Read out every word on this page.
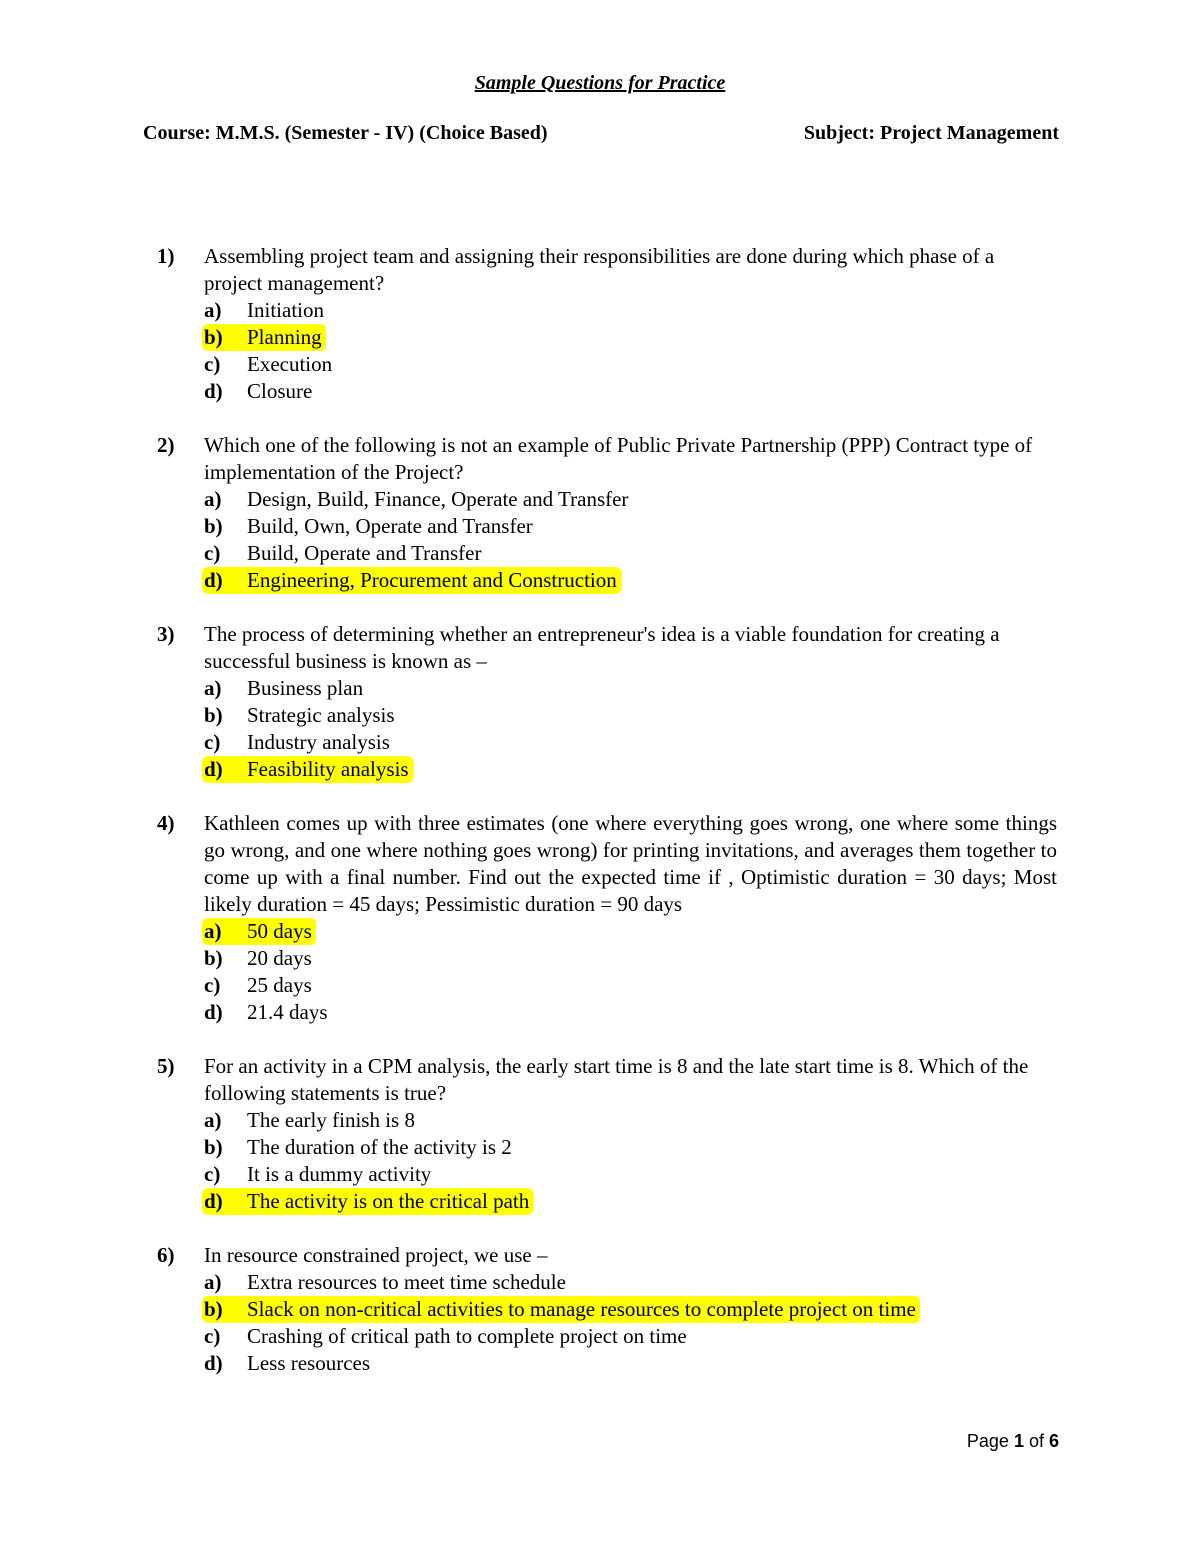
Sample Questions for Practice
Course: M.M.S. (Semester - IV) (Choice Based)	Subject: Project Management
1) Assembling project team and assigning their responsibilities are done during which phase of a project management?
a) Initiation
b) Planning
c) Execution
d) Closure
2) Which one of the following is not an example of Public Private Partnership (PPP) Contract type of implementation of the Project?
a) Design, Build, Finance, Operate and Transfer
b) Build, Own, Operate and Transfer
c) Build, Operate and Transfer
d) Engineering, Procurement and Construction
3) The process of determining whether an entrepreneur's idea is a viable foundation for creating a successful business is known as –
a) Business plan
b) Strategic analysis
c) Industry analysis
d) Feasibility analysis
4) Kathleen comes up with three estimates (one where everything goes wrong, one where some things go wrong, and one where nothing goes wrong) for printing invitations, and averages them together to come up with a final number. Find out the expected time if , Optimistic duration = 30 days; Most likely duration = 45 days; Pessimistic duration = 90 days
a) 50 days
b) 20 days
c) 25 days
d) 21.4 days
5) For an activity in a CPM analysis, the early start time is 8 and the late start time is 8. Which of the following statements is true?
a) The early finish is 8
b) The duration of the activity is 2
c) It is a dummy activity
d) The activity is on the critical path
6) In resource constrained project, we use –
a) Extra resources to meet time schedule
b) Slack on non-critical activities to manage resources to complete project on time
c) Crashing of critical path to complete project on time
d) Less resources
Page 1 of 6
